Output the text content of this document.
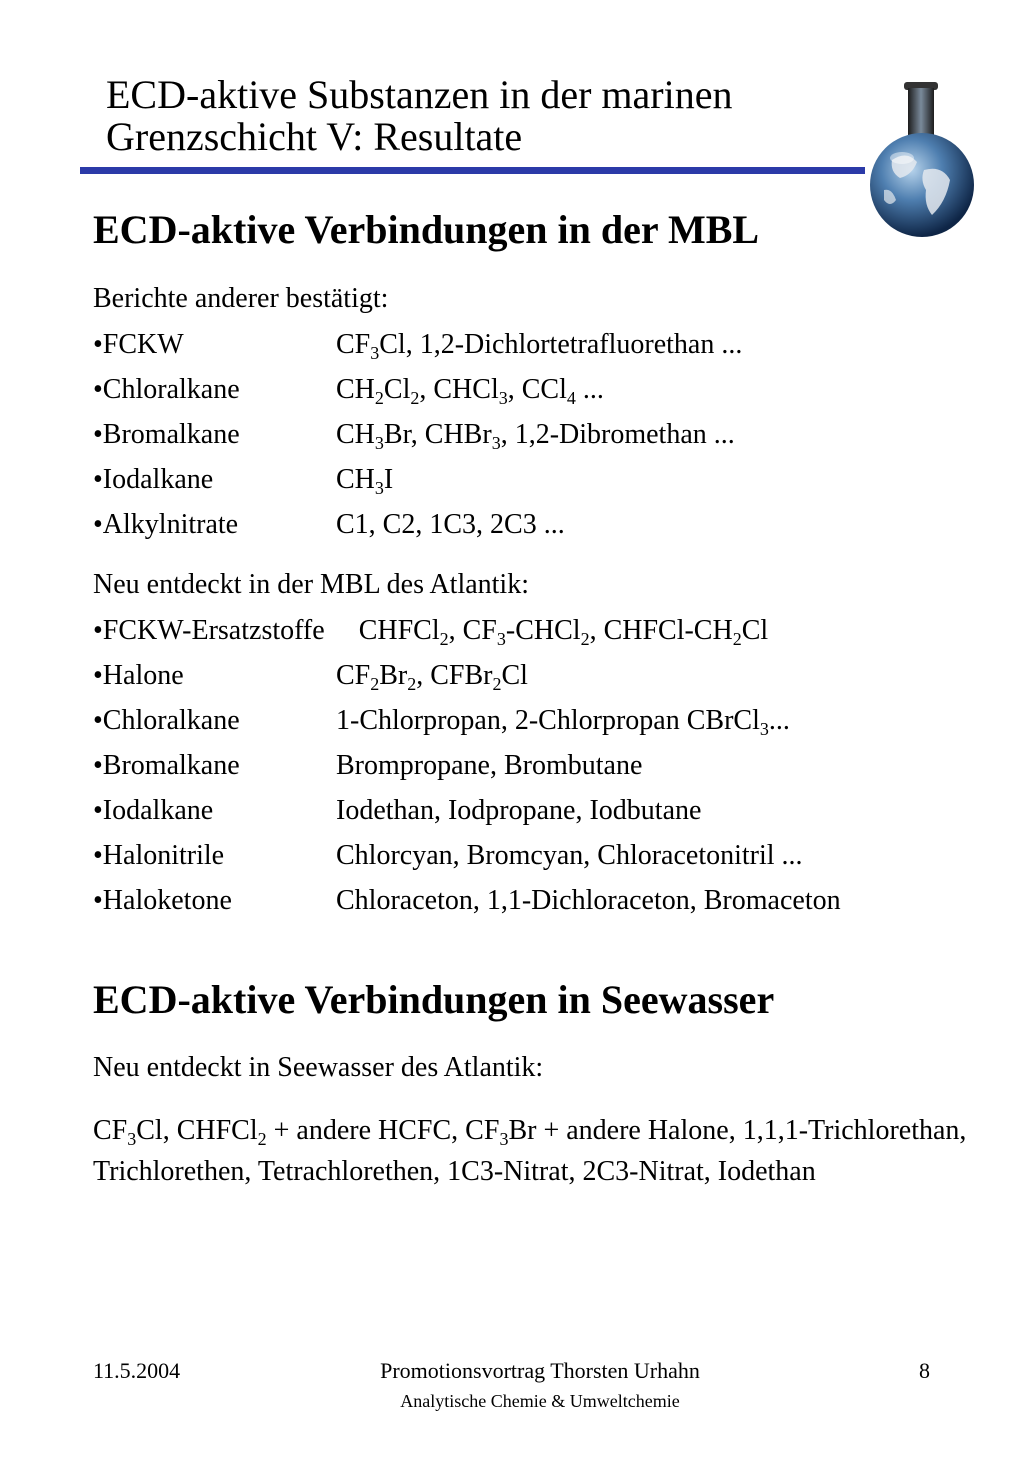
ECD-aktive Substanzen in der marinen
Grenzschicht V: Resultate
ECD-aktive Verbindungen in der MBL
Berichte anderer bestätigt:
•FCKW	$CF_3Cl$, 1,2-Dichlortetrafluorethan ...
•Chloralkane	$CH_2Cl_2$, CHCl$_3$, CCl$_4$ ...
•Bromalkane	$CH_3Br$, CHBr$_3$, 1,2-Dibromethan ...
•Iodalkane	$CH_3I$
•Alkylnitrate	C1, C2, 1C3, 2C3 ...
Neu entdeckt in der MBL des Atlantik:
•FCKW-Ersatzstoffe CHFCl$_2$, $CF_3-CHCl_2$, CHFCl-$CH_2Cl$
•Halone	$CF_2Br_2$, CFBr$_2$Cl
•Chloralkane	1-Chlorpropan, 2-Chlorpropan CBrCl$_3$...
•Bromalkane	Brompropane, Brombutane
•Iodalkane	Iodethan, Iodpropane, Iodbutane
•Halonitrile	Chlorcyan, Bromcyan, Chloracetonitril ...
•Haloketone	Chloraceton, 1,1-Dichloraceton, Bromaceton
ECD-aktive Verbindungen in Seewasser
Neu entdeckt in Seewasser des Atlantik:
$CF_3Cl$, CHFCl$_2$ + andere HCFC, $CF_3Br$ + andere Halone, 1,1,1-Trichlorethan, Trichlorethen, Tetrachlorethen, 1C3-Nitrat, 2C3-Nitrat, Iodethan
11.5.2004	Promotionsvortrag Thorsten Urhahn
Analytische Chemie & Umweltchemie
8
